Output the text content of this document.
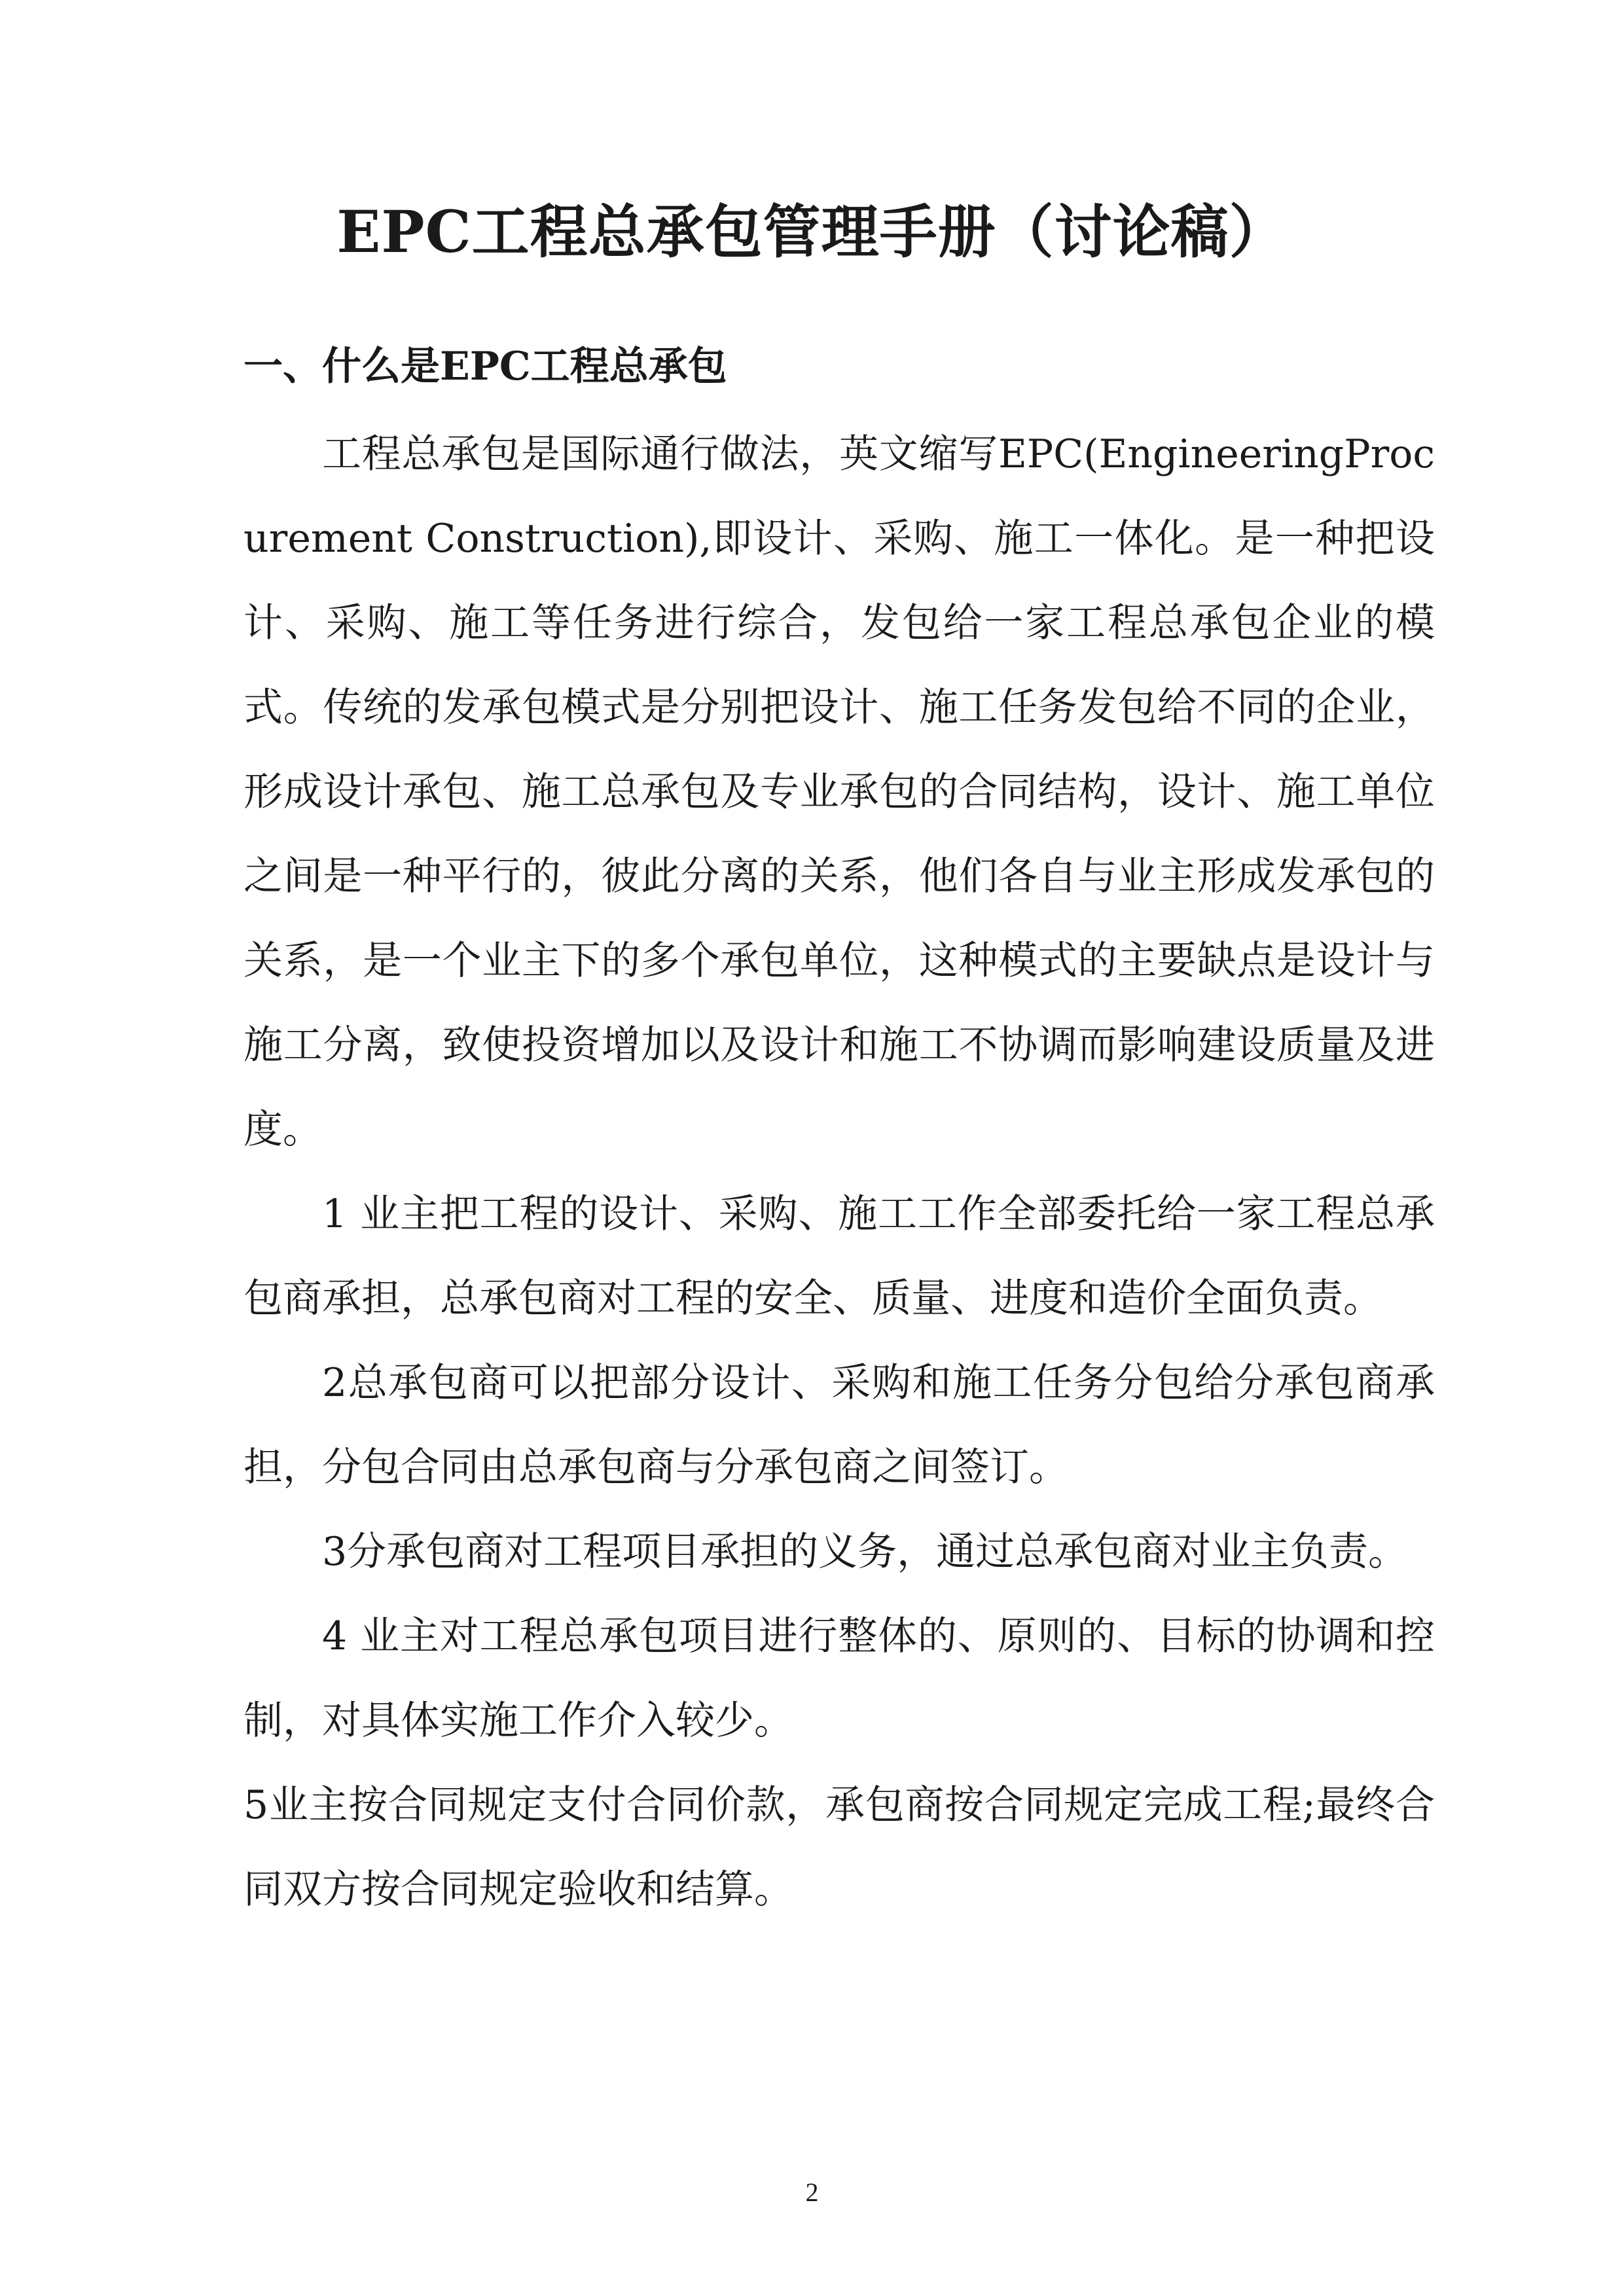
EPC工程总承包管理手册（讨论稿）
一、什么是EPC工程总承包

工程总承包是国际通行做法，英文缩写EPC(EngineeringProcurement Construction),即设计、采购、施工一体化。是一种把设计、采购、施工等任务进行综合，发包给一家工程总承包企业的模式。传统的发承包模式是分别把设计、施工任务发包给不同的企业，形成设计承包、施工总承包及专业承包的合同结构，设计、施工单位之间是一种平行的，彼此分离的关系，他们各自与业主形成发承包的关系，是一个业主下的多个承包单位，这种模式的主要缺点是设计与施工分离，致使投资增加以及设计和施工不协调而影响建设质量及进度。

1 业主把工程的设计、采购、施工工作全部委托给一家工程总承包商承担，总承包商对工程的安全、质量、进度和造价全面负责。

2总承包商可以把部分设计、采购和施工任务分包给分承包商承担，分包合同由总承包商与分承包商之间签订。

3分承包商对工程项目承担的义务，通过总承包商对业主负责。

4 业主对工程总承包项目进行整体的、原则的、目标的协调和控制，对具体实施工作介入较少。

5业主按合同规定支付合同价款，承包商按合同规定完成工程;最终合同双方按合同规定验收和结算。

2
